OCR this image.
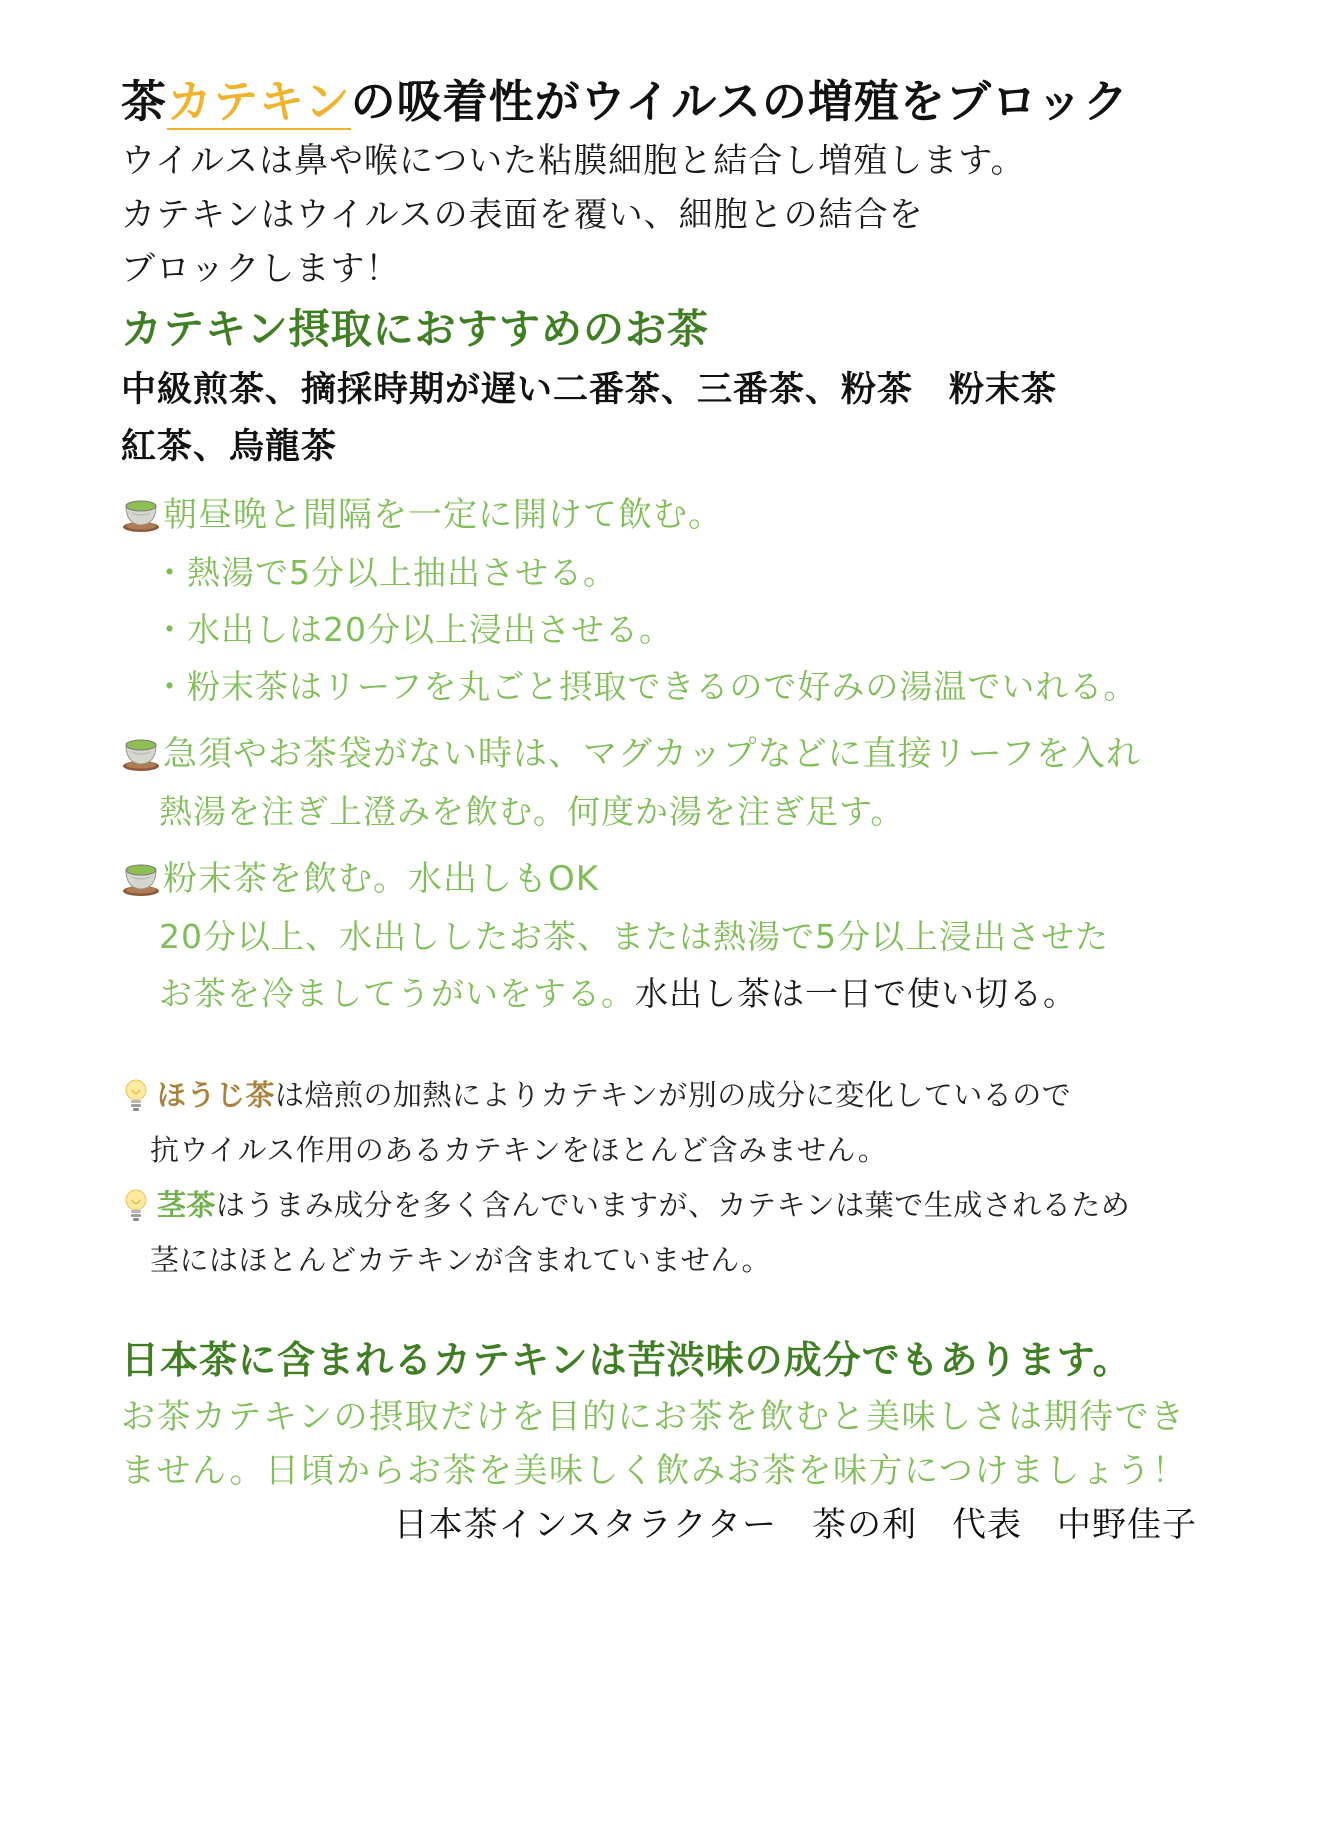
茶カテキンの吸着性がウイルスの増殖をブロック

ウイルスは鼻や喉についた粘膜細胞と結合し増殖します。

カテキンはウイルスの表面を覆い、細胞との結合を

ブロックします！

カテキン摂取におすすめのお茶

中級煎茶、摘採時期が遅い二番茶、三番茶、粉茶　粉末茶

紅茶、烏龍茶

朝昼晩と間隔を一定に開けて飲む。

・熱湯で5分以上抽出させる。

・水出しは20分以上浸出させる。

・粉末茶はリーフを丸ごと摂取できるので好みの湯温でいれる。

急須やお茶袋がない時は、マグカップなどに直接リーフを入れ

熱湯を注ぎ上澄みを飲む。何度か湯を注ぎ足す。

粉末茶を飲む。水出しもOK

20分以上、水出ししたお茶、または熱湯で5分以上浸出させた

お茶を冷ましてうがいをする。水出し茶は一日で使い切る。

ほうじ茶 は焙煎の加熱によりカテキンが別の成分に変化しているので

抗ウイルス作用のあるカテキンをほとんど含みません。

茎茶 はうまみ成分を多く含んでいますが、カテキンは葉で生成されるため

茎にはほとんどカテキンが含まれていません。

日本茶に含まれるカテキンは苦渋味の成分でもあります。

お茶カテキンの摂取だけを目的にお茶を飲むと美味しさは期待でき

ません。日頃からお茶を美味しく飲みお茶を味方につけましょう！

日本茶インスタラクター　茶の利　代表　中野佳子
